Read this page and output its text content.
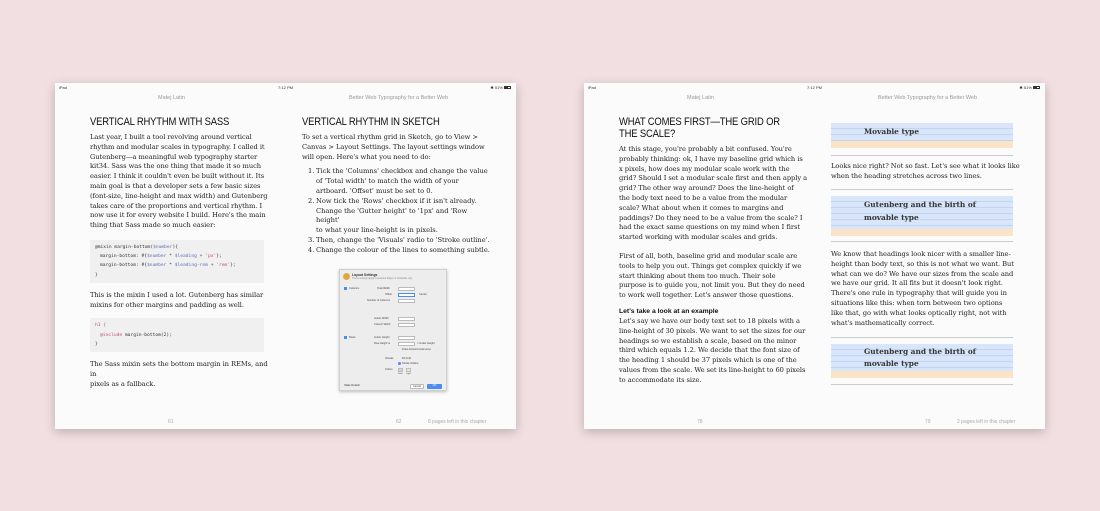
iPad	7:12 PM	✱ 51%
Matej Latin	Better Web Typography for a Better Web
VERTICAL RHYTHM WITH SASS
Last year, I built a tool revolving around vertical
rhythm and modular scales in typography. I called it
Gutenberg—a meaningful web typography starter
kit34. Sass was the one thing that made it so much
easier. I think it couldn't even be built without it. Its
main goal is that a developer sets a few basic sizes
(font-size, line-height and max width) and Gutenberg
takes care of the proportions and vertical rhythm. I
now use it for every website I build. Here's the main
thing that Sass made so much easier:
@mixin margin-bottom($number){
margin-bottom: #{$number * $leading + 'px'};
margin-bottom: #{$number * $leading-rem + 'rem'};
}
This is the mixin I used a lot. Gutenberg has similar
mixins for other margins and padding as well.
h1 {
@include margin-bottom(2);
}
The Sass mixin sets the bottom margin in REMs, and in
pixels as a fallback.
61
VERTICAL RHYTHM IN SKETCH
To set a vertical rhythm grid in Sketch, go to View >
Canvas > Layout Settings. The layout settings window
will open. Here's what you need to do:
1. Tick the 'Columns' checkbox and change the value
of 'Total width' to match the width of your
artboard. 'Offset' must be set to 0.
2. Now tick the 'Rows' checkbox if it isn't already.
Change the 'Gutter height' to '1px' and 'Row height'
to what your line-height is in pixels.
3. Then, change the 'Visuals' radio to 'Stroke outline'.
4. Change the colour of the lines to something subtle.
62	8 pages left in this chapter
Layout Settings
These settings apply to selected Pages or Artboards only
Columns	Total Width
Offset	Center
Number of Columns
Gutter Width
Column Width
Rows	Gutter Height
Row Height is	× Gutter Height
Draw All Horizontal Lines
Visuals	Fill Grid
Stroke Outline
Colors
Dark Light
Make Default	Cancel	OK
iPad	7:12 PM	✱ 51%
Matej Latin	Better Web Typography for a Better Web
WHAT COMES FIRST—THE GRID OR
THE SCALE?
At this stage, you're probably a bit confused. You're
probably thinking: ok, I have my baseline grid which is
x pixels, how does my modular scale work with the
grid? Should I set a modular scale first and then apply a
grid? The other way around? Does the line-height of
the body text need to be a value from the modular
scale? What about when it comes to margins and
paddings? Do they need to be a value from the scale? I
had the exact same questions on my mind when I first
started working with modular scales and grids.
First of all, both, baseline grid and modular scale are
tools to help you out. Things get complex quickly if we
start thinking about them too much. Their sole
purpose is to guide you, not limit you. But they do need
to work well together. Let's answer those questions.
Let's take a look at an example
Let's say we have our body text set to 18 pixels with a
line-height of 30 pixels. We want to set the sizes for our
headings so we establish a scale, based on the minor
third which equals 1.2. We decide that the font size of
the heading 1 should be 37 pixels which is one of the
values from the scale. We set its line-height to 60 pixels
to accommodate its size.
78	79	2 pages left in this chapter
Movable type
Looks nice right? Not so fast. Let's see what it looks like
when the heading stretches across two lines.
Gutenberg and the birth of
movable type
We know that headings look nicer with a smaller line-
height than body text, so this is not what we want. But
what can we do? We have our sizes from the scale and
we have our grid. It all fits but it doesn't look right.
There's one rule in typography that will guide you in
situations like this: when torn between two options
like that, go with what looks optically right, not with
what's mathematically correct.
Gutenberg and the birth of
movable type
